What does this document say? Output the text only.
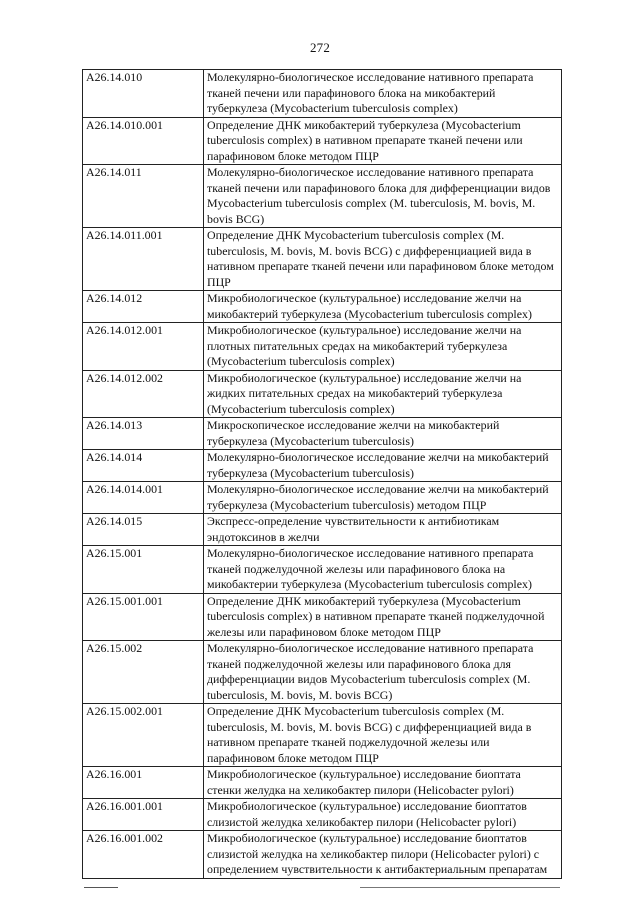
272
A26.14.010	Молекулярно-биологическое исследование нативного препарата
тканей печени или парафинового блока на микобактерий
туберкулеза (Mycobacterium tuberculosis complex)

A26.14.010.001	Определение ДНК микобактерий туберкулеза (Mycobacterium
tuberculosis complex) в нативном препарате тканей печени или
парафиновом блоке методом ПЦР

A26.14.011	Молекулярно-биологическое исследование нативного препарата
тканей печени или парафинового блока для дифференциации видов
Mycobacterium tuberculosis complex (M. tuberculosis, M. bovis, M.
bovis BCG)

A26.14.011.001	Определение ДНК Mycobacterium tuberculosis complex (M.
tuberculosis, M. bovis, M. bovis BCG) с дифференциацией вида в
нативном препарате тканей печени или парафиновом блоке методом
ПЦР

A26.14.012	Микробиологическое (культуральное) исследование желчи на
микобактерий туберкулеза (Mycobacterium tuberculosis complex)

A26.14.012.001	Микробиологическое (культуральное) исследование желчи на
плотных питательных средах на микобактерий туберкулеза
(Mycobacterium tuberculosis complex)

A26.14.012.002	Микробиологическое (культуральное) исследование желчи на
жидких питательных средах на микобактерий туберкулеза
(Mycobacterium tuberculosis complex)

A26.14.013	Микроскопическое исследование желчи на микобактерий
туберкулеза (Mycobacterium tuberculosis)

A26.14.014	Молекулярно-биологическое исследование желчи на микобактерий
туберкулеза (Mycobacterium tuberculosis)

A26.14.014.001	Молекулярно-биологическое исследование желчи на микобактерий
туберкулеза (Mycobacterium tuberculosis) методом ПЦР

A26.14.015	Экспресс-определение чувствительности к антибиотикам
эндотоксинов в желчи

A26.15.001	Молекулярно-биологическое исследование нативного препарата
тканей поджелудочной железы или парафинового блока на
микобактерии туберкулеза (Mycobacterium tuberculosis complex)

A26.15.001.001	Определение ДНК микобактерий туберкулеза (Mycobacterium
tuberculosis complex) в нативном препарате тканей поджелудочной
железы или парафиновом блоке методом ПЦР

A26.15.002	Молекулярно-биологическое исследование нативного препарата
тканей поджелудочной железы или парафинового блока для
дифференциации видов Mycobacterium tuberculosis complex (M.
tuberculosis, M. bovis, M. bovis BCG)

A26.15.002.001	Определение ДНК Mycobacterium tuberculosis complex (M.
tuberculosis, M. bovis, M. bovis BCG) с дифференциацией вида в
нативном препарате тканей поджелудочной железы или
парафиновом блоке методом ПЦР

A26.16.001	Микробиологическое (культуральное) исследование биоптата
стенки желудка на хеликобактер пилори (Helicobacter pylori)

A26.16.001.001	Микробиологическое (культуральное) исследование биоптатов
слизистой желудка хеликобактер пилори (Helicobacter pylori)

A26.16.001.002	Микробиологическое (культуральное) исследование биоптатов
слизистой желудка на хеликобактер пилори (Helicobacter pylori) с
определением чувствительности к антибактериальным препаратам
